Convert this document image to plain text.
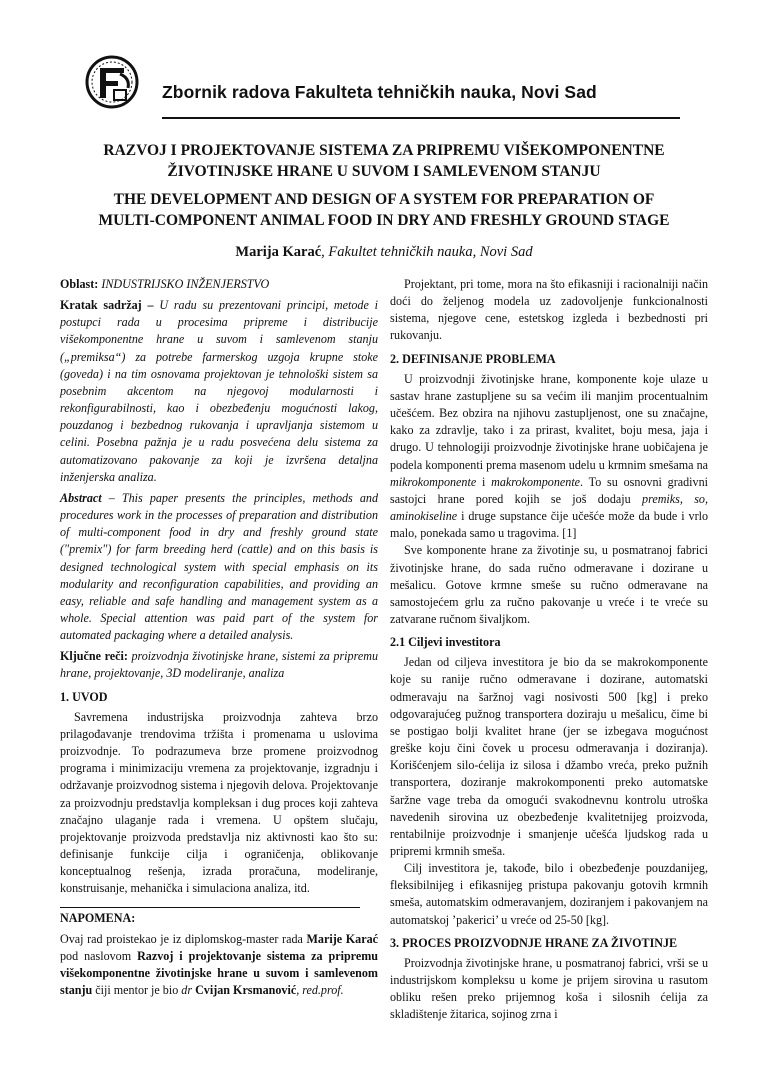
Zbornik radova Fakulteta tehničkih nauka, Novi Sad
RAZVOJ I PROJEKTOVANJE SISTEMA ZA PRIPREMU VIŠEKOMPONENTNE
ŽIVOTINJSKE HRANE U SUVOM I SAMLEVENOM STANJU
THE DEVELOPMENT AND DESIGN OF A SYSTEM FOR PREPARATION OF
MULTI-COMPONENT ANIMAL FOOD IN DRY AND FRESHLY GROUND STAGE
Marija Karać, Fakultet tehničkih nauka, Novi Sad

Oblast: INDUSTRIJSKO INŽENJERSTVO

Kratak sadržaj – U radu su prezentovani principi, metode i postupci rada u procesima pripreme i distribucije višekomponentne hrane u suvom i samlevenom stanju („premiksa“) za potrebe farmerskog uzgoja krupne stoke (goveda) i na tim osnovama projektovan je tehnološki sistem sa posebnim akcentom na njegovoj modularnosti i rekonfigurabilnosti, kao i obezbeđenju mogućnosti lakog, pouzdanog i bezbednog rukovanja i upravljanja sistemom u celini. Posebna pažnja je u radu posvećena delu sistema za automatizovano pakovanje za koji je izvršena detaljna inženjerska analiza.

Abstract – This paper presents the principles, methods and procedures work in the processes of preparation and distribution of multi-component food in dry and freshly ground state ("premix") for farm breeding herd (cattle) and on this basis is designed technological system with special emphasis on its modularity and reconfiguration capabilities, and providing an easy, reliable and safe handling and management system as a whole. Special attention was paid part of the system for automated packaging where a detailed analysis.

Ključne reči: proizvodnja životinjske hrane, sistemi za pripremu hrane, projektovanje, 3D modeliranje, analiza

1. UVOD

Savremena industrijska proizvodnja zahteva brzo prilagođavanje trendovima tržišta i promenama u uslovima proizvodnje. To podrazumeva brze promene proizvodnog programa i minimizaciju vremena za projektovanje, izgradnju i održavanje proizvodnog sistema i njegovih delova. Projektovanje za proizvodnju predstavlja kompleksan i dug proces koji zahteva značajno ulaganje rada i vremena. U opštem slučaju, projektovanje proizvoda predstavlja niz aktivnosti kao što su: definisanje funkcije cilja i ograničenja, oblikovanje konceptualnog rešenja, izrada proračuna, modeliranje, konstruisanje, mehanička i simulaciona analiza, itd.

NAPOMENA:

Ovaj rad proistekao je iz diplomskog-master rada Marije Karać pod naslovom Razvoj i projektovanje sistema za pripremu višekomponentne životinjske hrane u suvom i samlevenom stanju čiji mentor je bio dr Cvijan Krsmanović, red.prof.

Projektant, pri tome, mora na što efikasniji i racionalniji način doći do željenog modela uz zadovoljenje funkcionalnosti sistema, njegove cene, estetskog izgleda i bezbednosti pri rukovanju.

2. DEFINISANJE PROBLEMA

U proizvodnji životinjske hrane, komponente koje ulaze u sastav hrane zastupljene su sa većim ili manjim procentualnim učešćem. Bez obzira na njihovu zastupljenost, one su značajne, kako za zdravlje, tako i za prirast, kvalitet, boju mesa, jaja i drugo. U tehnologiji proizvodnje životinjske hrane uobičajena je podela komponenti prema masenom udelu u krmnim smešama na mikrokomponente i makrokomponente. To su osnovni gradivni sastojci hrane pored kojih se još dodaju premiks, so, aminokiseline i druge supstance čije učešće može da bude i vrlo malo, ponekada samo u tragovima. [1]

Sve komponente hrane za životinje su, u posmatranoj fabrici životinjske hrane, do sada ručno odmeravane i dozirane u mešalicu. Gotove krmne smeše su ručno odmeravane na samostojećem grlu za ručno pakovanje u vreće i te vreće su zatvarane ručnom šivaljkom.

2.1 Ciljevi investitora

Jedan od ciljeva investitora je bio da se makrokomponente koje su ranije ručno odmeravane i dozirane, automatski odmeravaju na šaržnoj vagi nosivosti 500 [kg] i preko odgovarajućeg pužnog transportera doziraju u mešalicu, čime bi se postigao bolji kvalitet hrane (jer se izbegava mogućnost greške koju čini čovek u procesu odmeravanja i doziranja). Korišćenjem silo-ćelija iz silosa i džambo vreća, preko pužnih transportera, doziranje makrokomponenti preko automatske šaržne vage treba da omogući svakodnevnu kontrolu utroška navedenih sirovina uz obezbeđenje kvalitetnijeg proizvoda, rentabilnije proizvodnje i smanjenje učešća ljudskog rada u pripremi krmnih smeša.

Cilj investitora je, takođe, bilo i obezbeđenje pouzdanijeg, fleksibilnijeg i efikasnijeg pristupa pakovanju gotovih krmnih smeša, automatskim odmeravanjem, doziranjem i pakovanjem na automatskoj ’pakerici’ u vreće od 25-50 [kg].

3. PROCES PROIZVODNJE HRANE ZA ŽIVOTINJE

Proizvodnja životinjske hrane, u posmatranoj fabrici, vrši se u industrijskom kompleksu u kome je prijem sirovina u rasutom obliku rešen preko prijemnog koša i silosnih ćelija za skladištenje žitarica, sojinog zrna i
